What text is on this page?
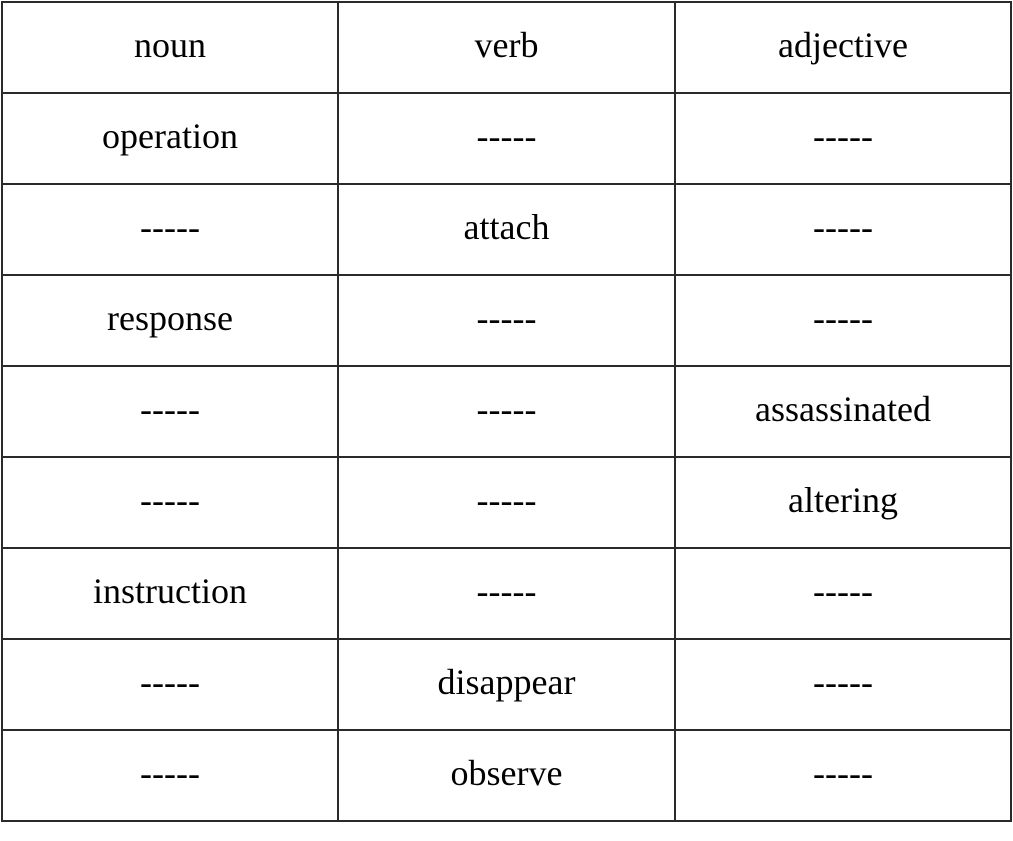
noun	verb	adjective
operation	-----	-----
-----	attach	-----
response	-----	-----
-----	-----	assassinated
-----	-----	altering
instruction	-----	-----
-----	disappear	-----
-----	observe	-----
